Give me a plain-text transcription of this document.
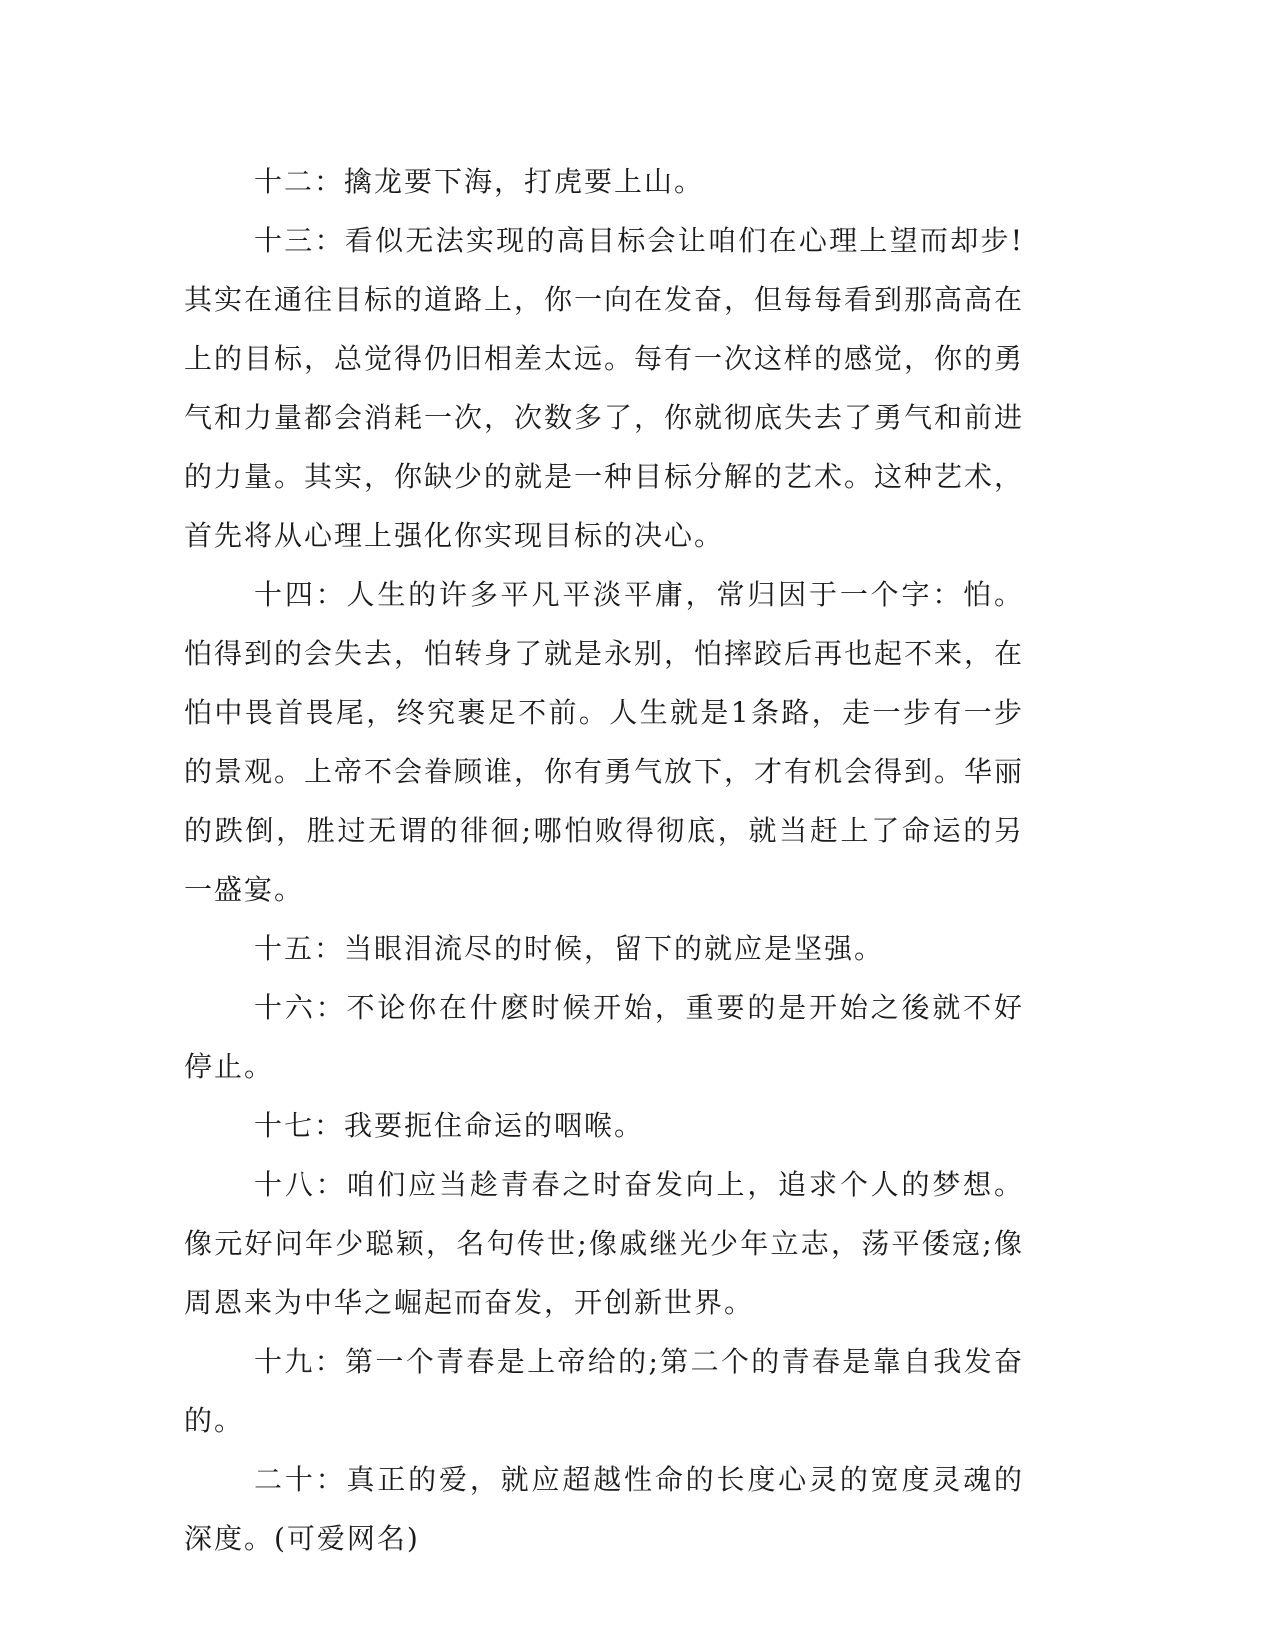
十二：擒龙要下海，打虎要上山。

十三：看似无法实现的高目标会让咱们在心理上望而却步!其实在通往目标的道路上，你一向在发奋，但每每看到那高高在上的目标，总觉得仍旧相差太远。每有一次这样的感觉，你的勇气和力量都会消耗一次，次数多了，你就彻底失去了勇气和前进的力量。其实，你缺少的就是一种目标分解的艺术。这种艺术，首先将从心理上强化你实现目标的决心。

十四：人生的许多平凡平淡平庸，常归因于一个字：怕。怕得到的会失去，怕转身了就是永别，怕摔跤后再也起不来，在怕中畏首畏尾，终究裹足不前。人生就是1条路，走一步有一步的景观。上帝不会眷顾谁，你有勇气放下，才有机会得到。华丽的跌倒，胜过无谓的徘徊;哪怕败得彻底，就当赶上了命运的另一盛宴。

十五：当眼泪流尽的时候，留下的就应是坚强。

十六：不论你在什麽时候开始，重要的是开始之後就不好停止。

十七：我要扼住命运的咽喉。

十八：咱们应当趁青春之时奋发向上，追求个人的梦想。像元好问年少聪颖，名句传世;像戚继光少年立志，荡平倭寇;像周恩来为中华之崛起而奋发，开创新世界。

十九：第一个青春是上帝给的;第二个的青春是靠自我发奋的。

二十：真正的爱，就应超越性命的长度心灵的宽度灵魂的深度。(可爱网名)
